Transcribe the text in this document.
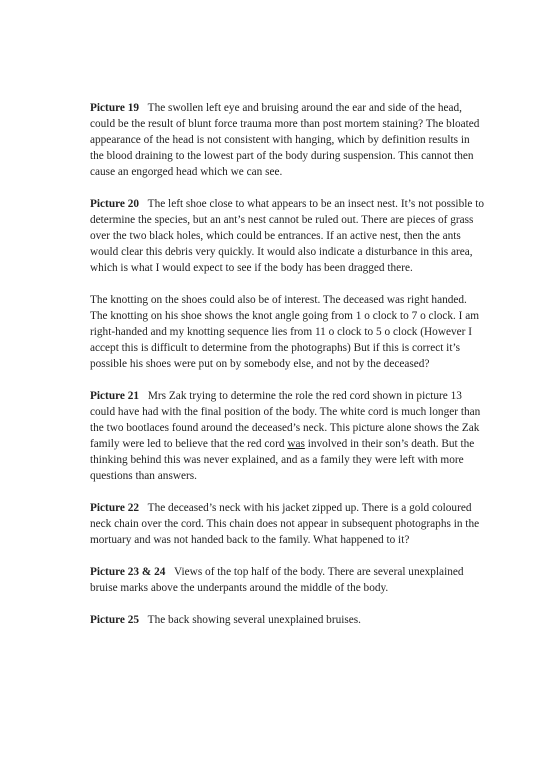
Picture 19 The swollen left eye and bruising around the ear and side of the head, could be the result of blunt force trauma more than post mortem staining? The bloated appearance of the head is not consistent with hanging, which by definition results in the blood draining to the lowest part of the body during suspension. This cannot then cause an engorged head which we can see.

Picture 20 The left shoe close to what appears to be an insect nest. It’s not possible to determine the species, but an ant’s nest cannot be ruled out. There are pieces of grass over the two black holes, which could be entrances. If an active nest, then the ants would clear this debris very quickly. It would also indicate a disturbance in this area, which is what I would expect to see if the body has been dragged there.

The knotting on the shoes could also be of interest. The deceased was right handed. The knotting on his shoe shows the knot angle going from 1 o clock to 7 o clock. I am right-handed and my knotting sequence lies from 11 o clock to 5 o clock (However I accept this is difficult to determine from the photographs) But if this is correct it’s possible his shoes were put on by somebody else, and not by the deceased?

Picture 21 Mrs Zak trying to determine the role the red cord shown in picture 13 could have had with the final position of the body. The white cord is much longer than the two bootlaces found around the deceased’s neck. This picture alone shows the Zak family were led to believe that the red cord was involved in their son’s death. But the thinking behind this was never explained, and as a family they were left with more questions than answers.

Picture 22 The deceased’s neck with his jacket zipped up. There is a gold coloured neck chain over the cord. This chain does not appear in subsequent photographs in the mortuary and was not handed back to the family. What happened to it?

Picture 23 & 24 Views of the top half of the body. There are several unexplained bruise marks above the underpants around the middle of the body.

Picture 25 The back showing several unexplained bruises.
